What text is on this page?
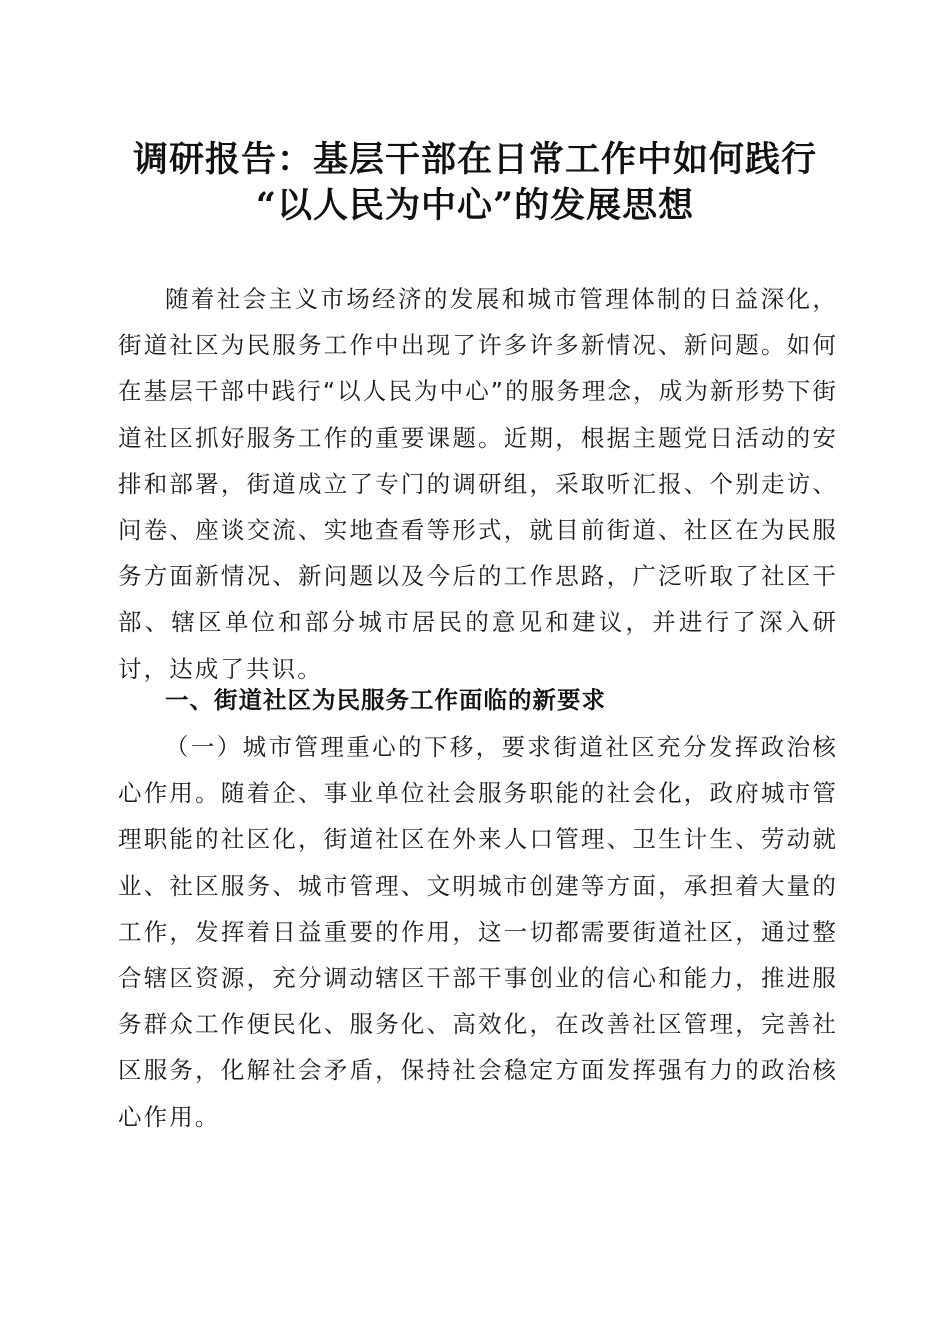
调研报告：基层干部在日常工作中如何践行
“以人民为中心”的发展思想
随着社会主义市场经济的发展和城市管理体制的日益深化，街道社区为民服务工作中出现了许多许多新情况、新问题。如何在基层干部中践行“以人民为中心”的服务理念，成为新形势下街道社区抓好服务工作的重要课题。近期，根据主题党日活动的安排和部署，街道成立了专门的调研组，采取听汇报、个别走访、问卷、座谈交流、实地查看等形式，就目前街道、社区在为民服务方面新情况、新问题以及今后的工作思路，广泛听取了社区干部、辖区单位和部分城市居民的意见和建议，并进行了深入研讨，达成了共识。
一、街道社区为民服务工作面临的新要求
（一）城市管理重心的下移，要求街道社区充分发挥政治核心作用。随着企、事业单位社会服务职能的社会化，政府城市管理职能的社区化，街道社区在外来人口管理、卫生计生、劳动就业、社区服务、城市管理、文明城市创建等方面，承担着大量的工作，发挥着日益重要的作用，这一切都需要街道社区，通过整合辖区资源，充分调动辖区干部干事创业的信心和能力，推进服务群众工作便民化、服务化、高效化，在改善社区管理，完善社区服务，化解社会矛盾，保持社会稳定方面发挥强有力的政治核心作用。
